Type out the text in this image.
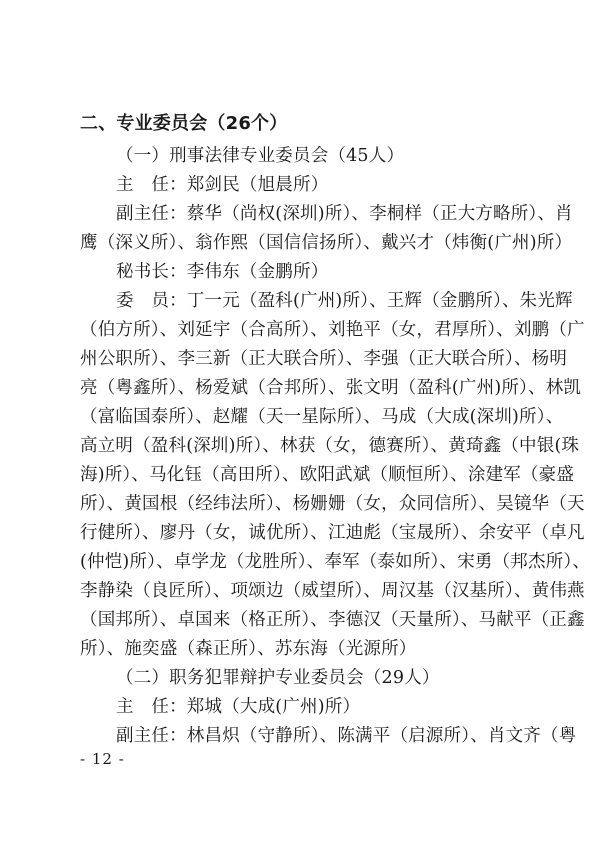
二、专业委员会（26个）
（一）刑事法律专业委员会（45人）
主　任：郑剑民（旭晨所）
副主任：蔡华（尚权(深圳)所）、李桐样（正大方略所）、肖
鹰（深义所）、翁作熙（国信信扬所）、戴兴才（炜衡(广州)所）
秘书长：李伟东（金鹏所）
委　员：丁一元（盈科(广州)所）、王辉（金鹏所）、朱光辉
（伯方所）、刘延宇（合高所）、刘艳平（女，君厚所）、刘鹏（广
州公职所）、李三新（正大联合所）、李强（正大联合所）、杨明
亮（粤鑫所）、杨爱斌（合邦所）、张文明（盈科(广州)所）、林凯
（富临国泰所）、赵耀（天一星际所）、马成（大成(深圳)所）、
高立明（盈科(深圳)所）、林获（女，德赛所）、黄琦鑫（中银(珠
海)所）、马化钰（高田所）、欧阳武斌（顺恒所）、涂建军（豪盛
所）、黄国根（经纬法所）、杨姗姗（女，众同信所）、吴镜华（天
行健所）、廖丹（女，诚优所）、江迪彪（宝晟所）、余安平（卓凡
(仲恺)所）、卓学龙（龙胜所）、奉军（泰如所）、宋勇（邦杰所）、
李静染（良匠所）、项颂边（威望所）、周汉基（汉基所）、黄伟燕
（国邦所）、卓国来（格正所）、李德汉（天量所）、马献平（正鑫
所）、施奕盛（森正所）、苏东海（光源所）
（二）职务犯罪辩护专业委员会（29人）
主　任：郑城（大成(广州)所）
副主任：林昌炽（守静所）、陈满平（启源所）、肖文齐（粤
- 12 -
